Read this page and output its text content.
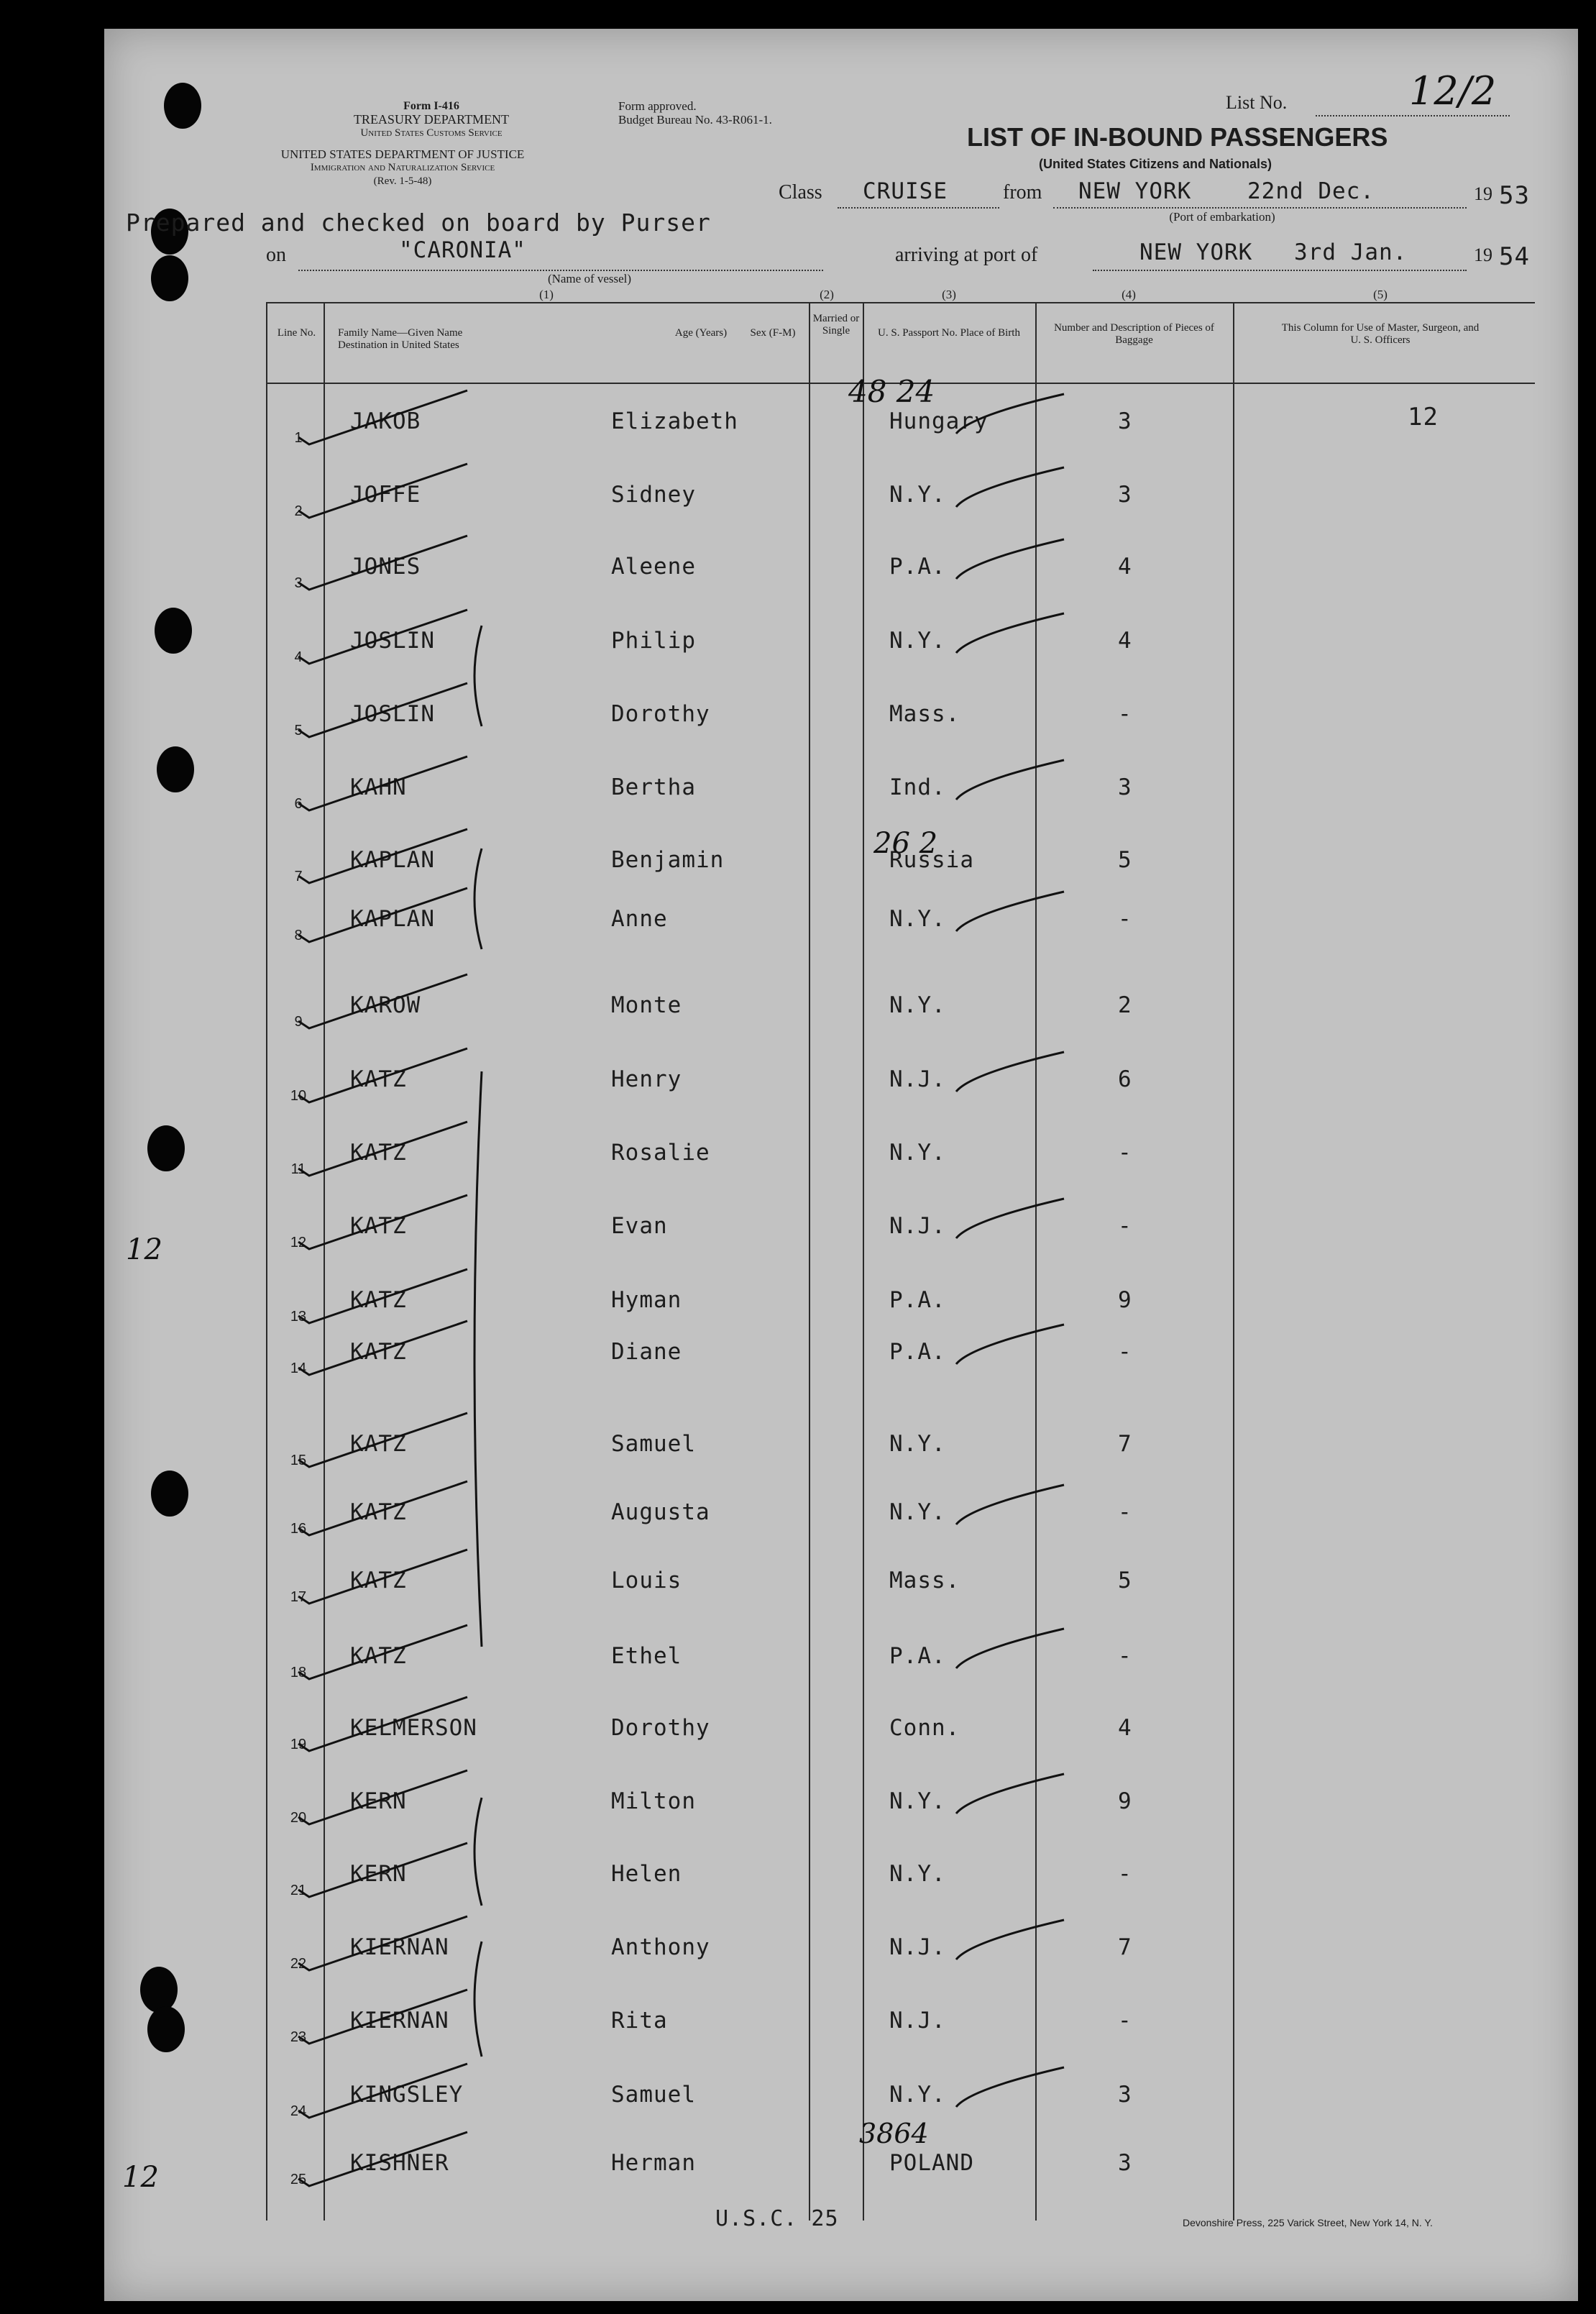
Form I-416
TREASURY DEPARTMENT
United States Customs Service
Form approved.
Budget Bureau No. 43-R061-1.
UNITED STATES DEPARTMENT OF JUSTICE
Immigration and Naturalization Service
(Rev. 1-5-48)
List No.	12/2
LIST OF IN-BOUND PASSENGERS
(United States Citizens and Nationals)
Class CRUISE	from NEW YORK	22nd Dec.	19 53
(Port of embarkation)
Prepared and checked on board by Purser
on	"CARONIA"
(Name of vessel)
arriving at port of	NEW YORK 3rd Jan.	19 54
(1)	(2)	(3)	(4)	(5)
Line No. Family Name—Given Name
Destination in United States
Age (Years)	Sex (F-M)
Married or Single	U. S. Passport No. Place of Birth	Number and Description of Pieces of Baggage
This Column for Use of Master, Surgeon, and U. S. Officers
1
JAKOB	Elizabeth	Hungary	3
2
JOFFE	Sidney	N.Y.	3
3
JONES	Aleene	P.A.	4
4
JOSLIN	Philip	N.Y.	4
5
JOSLIN	Dorothy	Mass.	-
6
KAHN	Bertha	Ind.	3
7
KAPLAN	Benjamin	Russia	5
8
KAPLAN	Anne	N.Y.	-
9
KAROW	Monte	N.Y.	2
10
KATZ	Henry	N.J.	6
11
KATZ	Rosalie	N.Y.	-
12
KATZ	Evan	N.J.	-
13
KATZ	Hyman	P.A.	9
14
KATZ	Diane	P.A.	-
15
KATZ	Samuel	N.Y.	7
16
KATZ	Augusta	N.Y.	-
17
KATZ	Louis	Mass.	5
18
KATZ	Ethel	P.A.	-
19
KELMERSON	Dorothy	Conn.	4
20
KERN	Milton	N.Y.	9
21
KERN	Helen	N.Y.	-
22
KIERNAN	Anthony	N.J.	7
23
KIERNAN	Rita	N.J.	-
24
KINGSLEY	Samuel	N.Y.	3
25
KISHNER	Herman	POLAND	3
12
12
12
48 24
26 2
3864
U.S.C. 25	Devonshire Press, 225 Varick Street, New York 14, N. Y.
